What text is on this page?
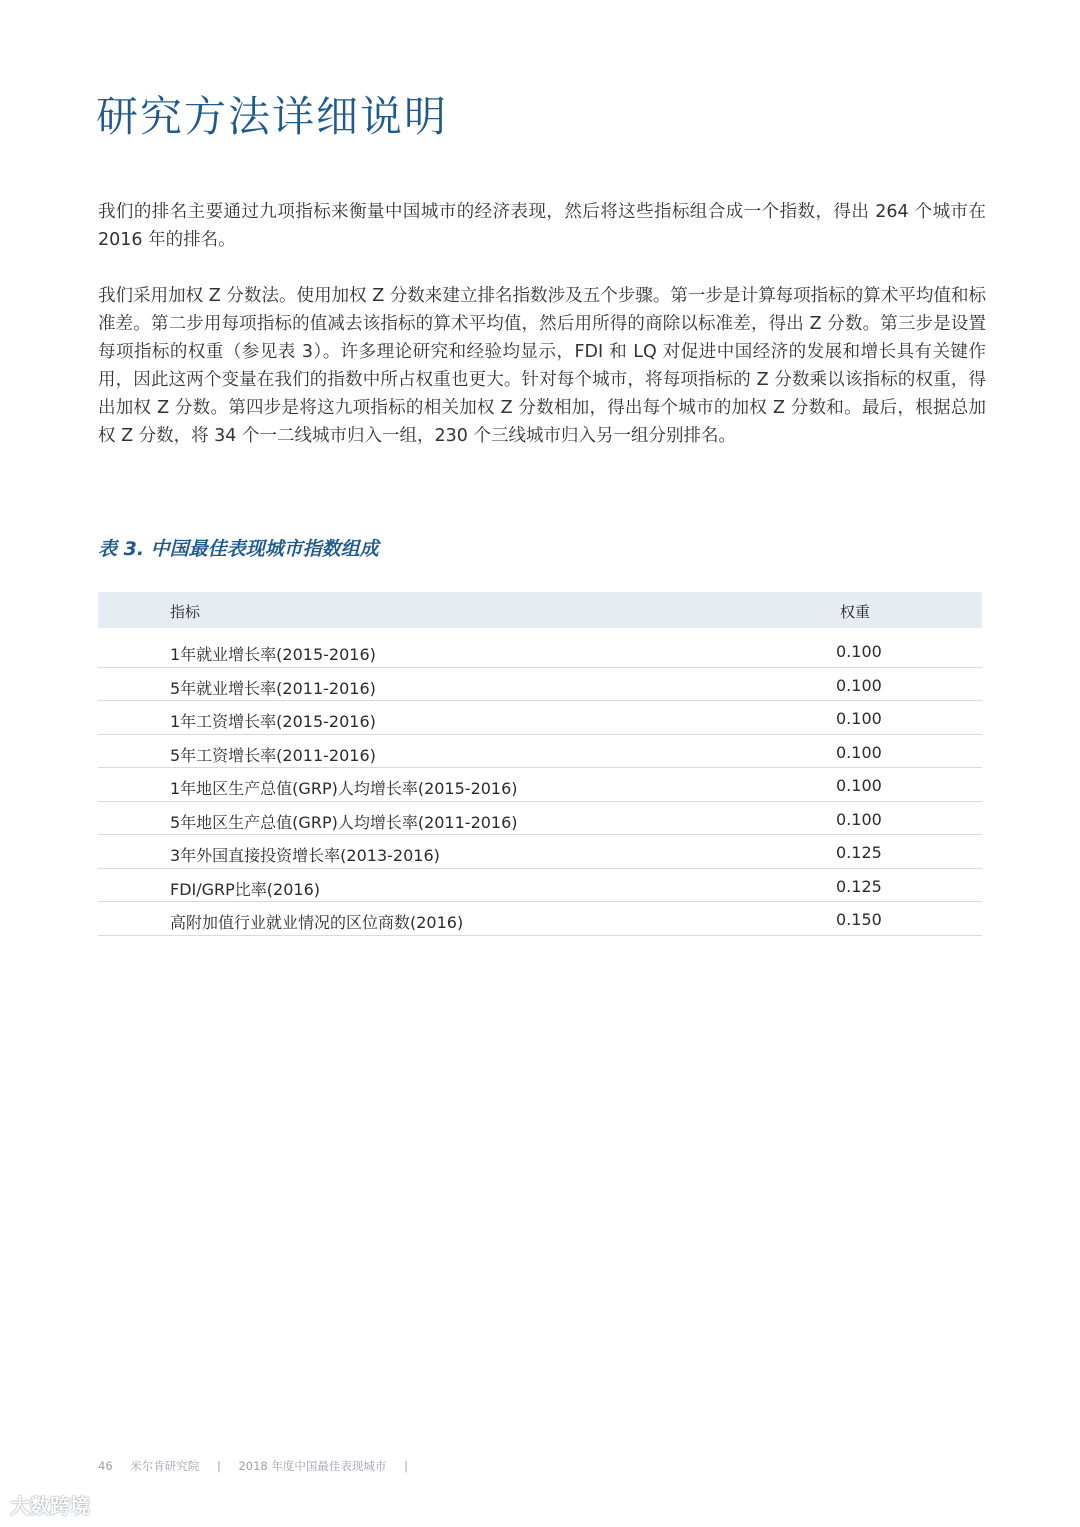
研究方法详细说明

我们的排名主要通过九项指标来衡量中国城市的经济表现，然后将这些指标组合成一个指数，得出 264 个城市在 2016 年的排名。

我们采用加权 Z 分数法。使用加权 Z 分数来建立排名指数涉及五个步骤。第一步是计算每项指标的算术平均值和标准差。第二步用每项指标的值减去该指标的算术平均值，然后用所得的商除以标准差，得出 Z 分数。第三步是设置每项指标的权重（参见表 3）。许多理论研究和经验均显示，FDI 和 LQ 对促进中国经济的发展和增长具有关键作用，因此这两个变量在我们的指数中所占权重也更大。针对每个城市，将每项指标的 Z 分数乘以该指标的权重，得出加权 Z 分数。第四步是将这九项指标的相关加权 Z 分数相加，得出每个城市的加权 Z 分数和。最后，根据总加权 Z 分数，将 34 个一二线城市归入一组，230 个三线城市归入另一组分别排名。

表 3. 中国最佳表现城市指数组成
指标	权重
1年就业增长率(2015-2016)	0.100
5年就业增长率(2011-2016)	0.100
1年工资增长率(2015-2016)	0.100
5年工资增长率(2011-2016)	0.100
1年地区生产总值(GRP)人均增长率(2015-2016)	0.100
5年地区生产总值(GRP)人均增长率(2011-2016)	0.100
3年外国直接投资增长率(2013-2016)	0.125
FDI/GRP比率(2016)	0.125
高附加值行业就业情况的区位商数(2016)	0.150
46 米尔肯研究院 | 2018 年度中国最佳表现城市 |
大数跨境
